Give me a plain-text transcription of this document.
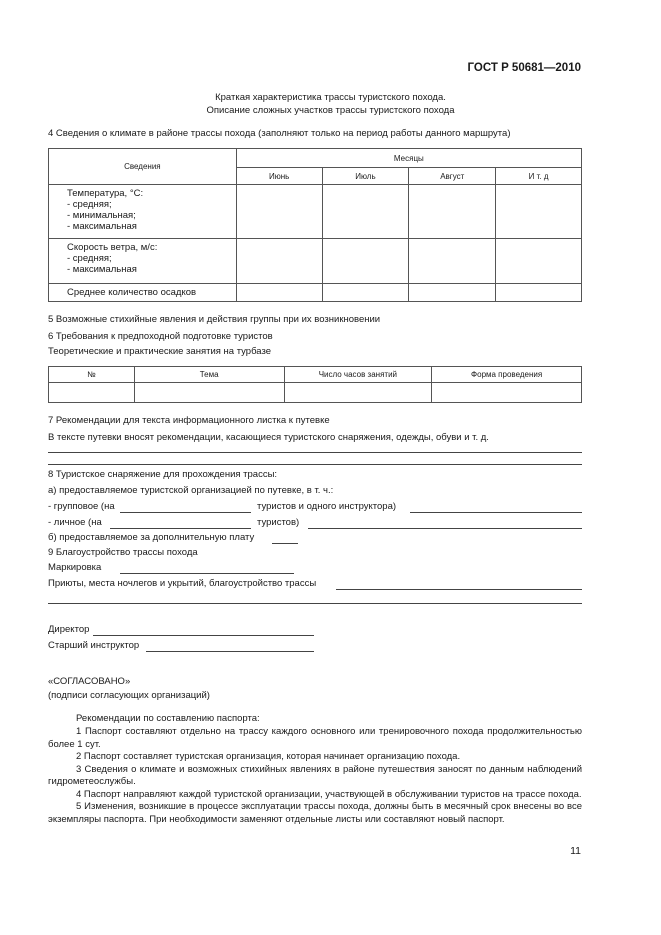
ГОСТ Р 50681—2010
Краткая характеристика трассы туристского похода.
Описание сложных участков трассы туристского похода
4 Сведения о климате в районе трассы похода (заполняют только на период работы данного маршрута)
Сведения	Месяцы			
	Июнь	Июль	Август	И т. д

Температура, °С:
- средняя;
- минимальная;
- максимальная				

Скорость ветра, м/с:
- средняя;
- максимальная				

Среднее количество осадков				

5 Возможные стихийные явления и действия группы при их возникновении
6 Требования к предпоходной подготовке туристов
Теоретические и практические занятия на турбазе
№	Тема	Число часов занятий	Форма проведения

7 Рекомендации для текста информационного листка к путевке
В тексте путевки вносят рекомендации, касающиеся туристского снаряжения, одежды, обуви и т. д.
8 Туристское снаряжение для прохождения трассы:
а) предоставляемое туристской организацией по путевке, в т. ч.:
- групповое (на	туристов и одного инструктора)
- личное (на	туристов)
б) предоставляемое за дополнительную плату
9 Благоустройство трассы похода
Маркировка
Приюты, места ночлегов и укрытий, благоустройство трассы
Директор
Старший инструктор
«СОГЛАСОВАНО»
(подписи согласующих организаций)
Рекомендации по составлению паспорта:

1 Паспорт составляют отдельно на трассу каждого основного или тренировочного похода продолжительностью более 1 сут.

2 Паспорт составляет туристская организация, которая начинает организацию похода.

3 Сведения о климате и возможных стихийных явлениях в районе путешествия заносят по данным наблюдений гидрометеослужбы.

4 Паспорт направляют каждой туристской организации, участвующей в обслуживании туристов на трассе похода.

5 Изменения, возникшие в процессе эксплуатации трассы похода, должны быть в месячный срок внесены во все экземпляры паспорта. При необходимости заменяют отдельные листы или составляют новый паспорт.

11
